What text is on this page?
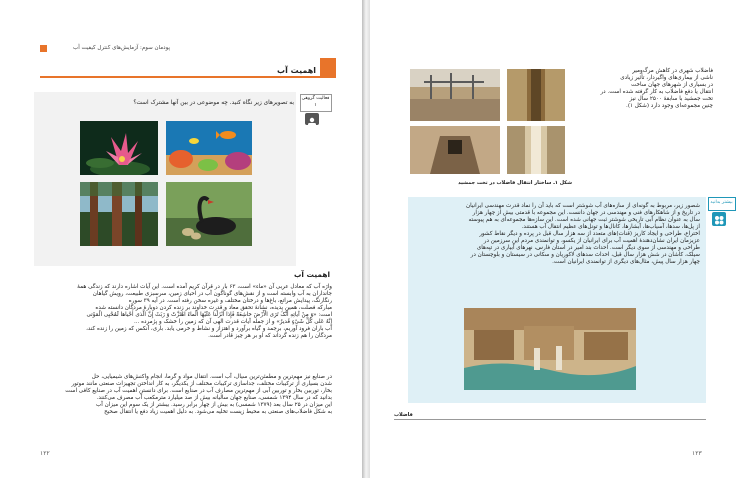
پودمان سوم: آزمایش‌های کنترل کیفیت آب
اهمیت آب
فعالیت گروهی
۱
به تصویرهای زیر نگاه کنید. چه موضوعی در بین آنها مشترک است؟
اهمیت آب
واژه آب که معادل عربی آن «ماء» است، ۶۳ بار در قرآن کریم آمده است. این آیات اشاره دارند که زندگی همهٔ
جانداران به آب وابسته است و از نقش‌های گوناگون آب در احیای زمین، سرسبزی طبیعت، رویش گیاهان
رنگارنگ، پیدایش مراتع، باغ‌ها و درختان مختلف و غیره سخن رفته است. در آیه ۳۹ سوره
مبارکه فصلت، همین پدیده، نشانهٔ تحقق معاد و قدرت خداوند بر زنده کردن دوبارهٔ مردگان دانسته شده
است: «وَ مِنْ آیاتِهِ أَنَّکَ تَرَى الْأَرْضَ خاشِعَةً فَإِذا أَنْزَلْنا عَلَیْهَا الْماءَ اهْتَزَّتْ وَ رَبَتْ إِنَّ الَّذی أَحْیاها لَمُحْیِی الْمَوْتى
إِنَّهُ عَلى کُلِّ شَیْءٍ قَدیرٌ» و از جمله آیات قدرت الهی آن که زمین را خشک و پژمرده ...
آب باران فرود آوریم، برجمد و گیاه برآورد و اهتزاز و نشاط و خرمی یابد. باری، آنکس که زمین را زنده کند،
مردگان را هم زنده گرداند که او بر هر چیز قادر است.
در صنایع نیز مهم‌ترین و مطمئن‌ترین سیال، آب است. انتقال مواد و گرما، انجام واکنش‌های شیمیایی، حل
شدن بسیاری از ترکیبات مختلف، جداسازی ترکیبات مختلف از یکدیگر، به کار انداختن تجهیزات صنعتی مانند موتور
بخار، توربین بخار و توربین آبی از مهم‌ترین مصارف آب در صنایع است. برای دانستن اهمیت آب در صنایع کافی است
بدانید که در سال ۱۳۹۴ شمسی، صنایع جهان سالیانه بیش از صد میلیارد مترمکعب آب مصرف می‌کنند.
این میزان در ۲۵ سال بعد (۱۳۷۹ شمسی) به بیش از چهار برابر رسید. بیشتر از یک سوم این میزان آب
به شکل فاضلاب‌های صنعتی به محیط زیست تخلیه می‌شود. به دلیل اهمیت زیاد دفع یا انتقال صحیح
۱۲۲
فاضلاب شهری در کاهش مرگ‌ومیر
ناشی از بیماری‌های واگیردار، تأثیر زیادی
در بسیاری از شهرهای جهان ساخت
انتقال یا دفع فاضلاب به کار گرفته شده است. در
تخت جمشید با سابقهٔ ۲۵۰۰ سال نیز
چنین مجموعه‌ای وجود دارد (شکل ۱).
شکل ۱ـ ساختار انتقال فاضلاب در تخت جمشید
بیشتر بدانید
شصور زیر، مربوط به گونه‌ای از سازه‌های آب شوشتر است که باید آن را نماد قدرت مهندسی ایرانیان
در تاریخ و از شاهکارهای فنی و مهندسی در جهان دانست. این مجموعه با قدمتی بیش از چهار هزار
سال به عنوان نظام آبی تاریخی شوشتر ثبت جهانی شده است. این سازه‌ها مجموعه‌ای به هم پیوسته
از پل‌ها، سدها، آسیاب‌ها، آبشارها، کانال‌ها و تونل‌های عظیم انتقال آب هستند.
اختراع، طراحی و ایجاد کاریز (قنات)‌های متعدد از سه هزار سال قبل در پرده و دیگر نقاط کشور
عزیزمان ایران نشان‌دهندهٔ اهمیت آب برای ایرانیان از یکسو، و توانمندی مردم این سرزمین در
طراحی و مهندسی از سوی دیگر است. احداث بند امیر در استان فارس، نهرهای آبیاری در تپه‌های
سیلک، کاشان در شش هزار سال قبل، احداث سدهای لاکوریان و سکانی در سیستان و بلوچستان در
چهار هزار سال پیش، مثال‌های دیگری از توانمندی ایرانیان است.
فاضلاب
۱۲۳
